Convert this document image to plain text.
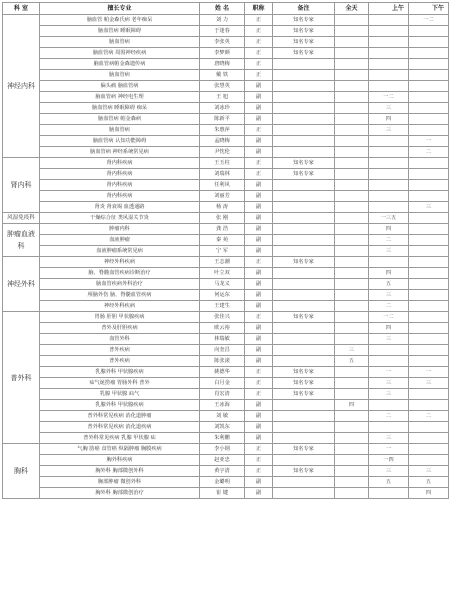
科 室	擅长专业	姓 名	职称	备注	全天	上午	下午
神经内科	脑血管 帕金森氏病 老年痴呆	刘 力	正	知名专家			一二
	脑血管病 睡眠障碍	于逢春	正	知名专家			
	脑血管病	李张英	正	知名专家			
	脑血管病 周围神经疾病	李梦颜	正	知名专家			
	脑血管病帕金森遗传病	唐晓梅	正				
	脑血管病	戴 铁	正				
	偏头痛 脑血管病	张慧英	副				
	脑血管病 神经电生理	王 旭	副			一二	
	脑血管病 睡眠障碍 痴呆	刘冰珍	副			三	
	脑血管病 帕金森病	陈新平	副			四	
	脑血管病	朱惠萍	正			三	
	脑血管病 认知功能障碍	孟晓梅	副				一
	脑血管病 神经系统常见病	尹忱伦	副				二
肾内科	肾内科疾病	王玉柱	正	知名专家			
	肾内科疾病	刘瑞林	正	知名专家			
	肾内科疾病	任利风	副				
	肾内科疾病	刘丽芳	副				
	肾炎 肾衰竭 血透通路	杨 涛	副				三
风湿免疫科	干燥综合征 类风湿关节炎	张 刚	副			一三五	
肿瘤血液科	肿瘤内科	龚 浩	副			四	
	血液肿瘤	秦 苑	副			二	
	血液肿瘤系统常见病	宁 军	副			三	
神经外科	神经外科疾病	王志潮	正	知名专家			
	脑、脊髓血管疾病诊断治疗	叶立双	副			四	
	脑血管疾病外科治疗	马龙义	副			五	
	颅脑外伤 脑、脊髓血管疾病	何运东	副			三	
	神经外科疾病	王建生	副			二	
普外科	胃肠 肝胆 甲状腺疾病	张佳兴	正	知名专家		一二	
	普外及肝胆疾病	欧云裕	副			四	
	血管外科	林瑞敏	副			三	
	普外疾病	向奎昌	副		三		
	普外疾病	陈张滚	副		五		
	乳腺外科 甲状腺疾病	姚德华	正	知名专家		一	一
	疝气诞捞瘤 胃肠外科 普外	白月金	正	知名专家		三	三
	乳腺 甲状腺 疝气	肖宏清	正	知名专家		三	
	乳腺外科 甲状腺疾病	王冰海	副		四		
	普外科常见疾病 消化道肿瘤	刘 敏	副			二	二
	普外科常见疾病 消化道疾病	刘凯东	副				
	普外科常见疾病 乳腺 甲状腺 疝	朱利鹏	副			三	
胸科	气胸 肋癌 食管癌 纵隔肿瘤 胸膜疾病	李小钢	正	知名专家		一	
	胸外科疾病	赵亚忠	正			一四	
	胸外科 胸部微创外科	黄宇清	正	知名专家		三	三
	胸部肿瘤 微创外科	金璐明	副			五	五
	胸外科 胸部微创治疗	崔 键	副				四
